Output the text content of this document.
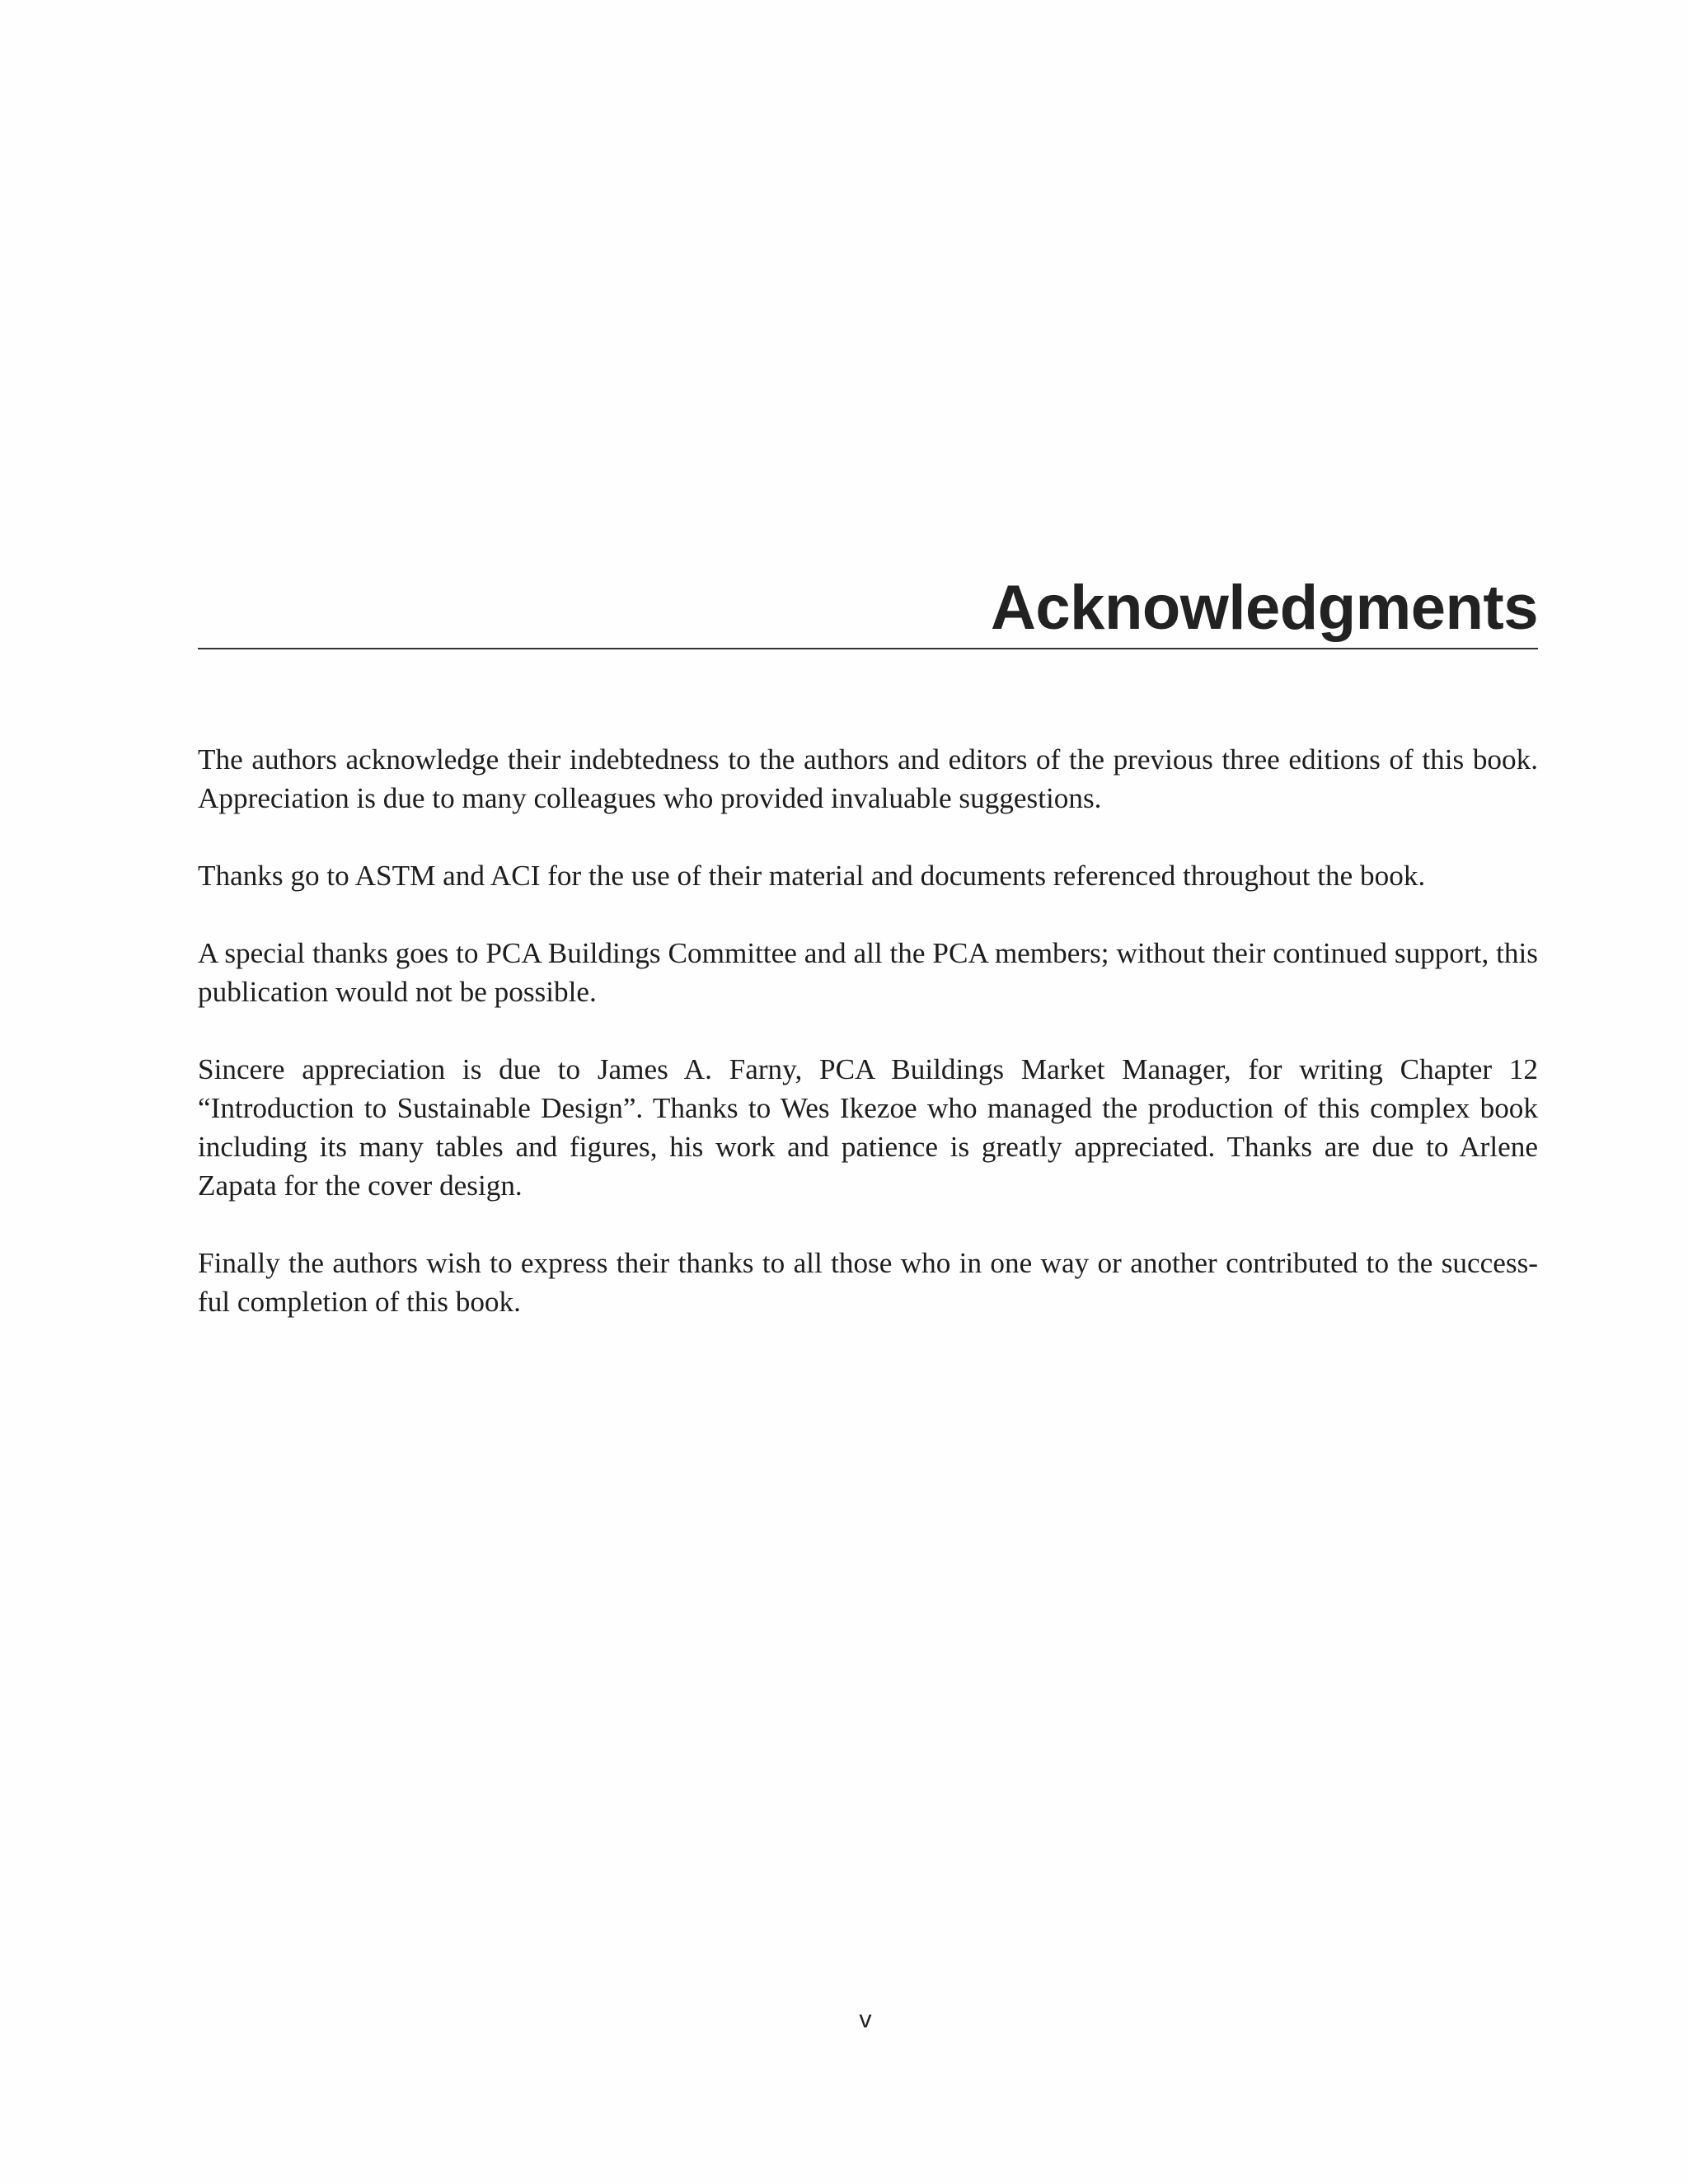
Acknowledgments

The authors acknowledge their indebtedness to the authors and editors of the previous three editions of this book. Appreciation is due to many colleagues who provided invaluable suggestions.

Thanks go to ASTM and ACI for the use of their material and documents referenced throughout the book.

A special thanks goes to PCA Buildings Committee and all the PCA members; without their continued support, this publication would not be possible.

Sincere appreciation is due to James A. Farny, PCA Buildings Market Manager, for writing Chapter 12 “Introduction to Sustainable Design”. Thanks to Wes Ikezoe who managed the production of this complex book including its many tables and figures, his work and patience is greatly appreciated. Thanks are due to Arlene Zapata for the cover design.

Finally the authors wish to express their thanks to all those who in one way or another contributed to the success-ful completion of this book.

v
